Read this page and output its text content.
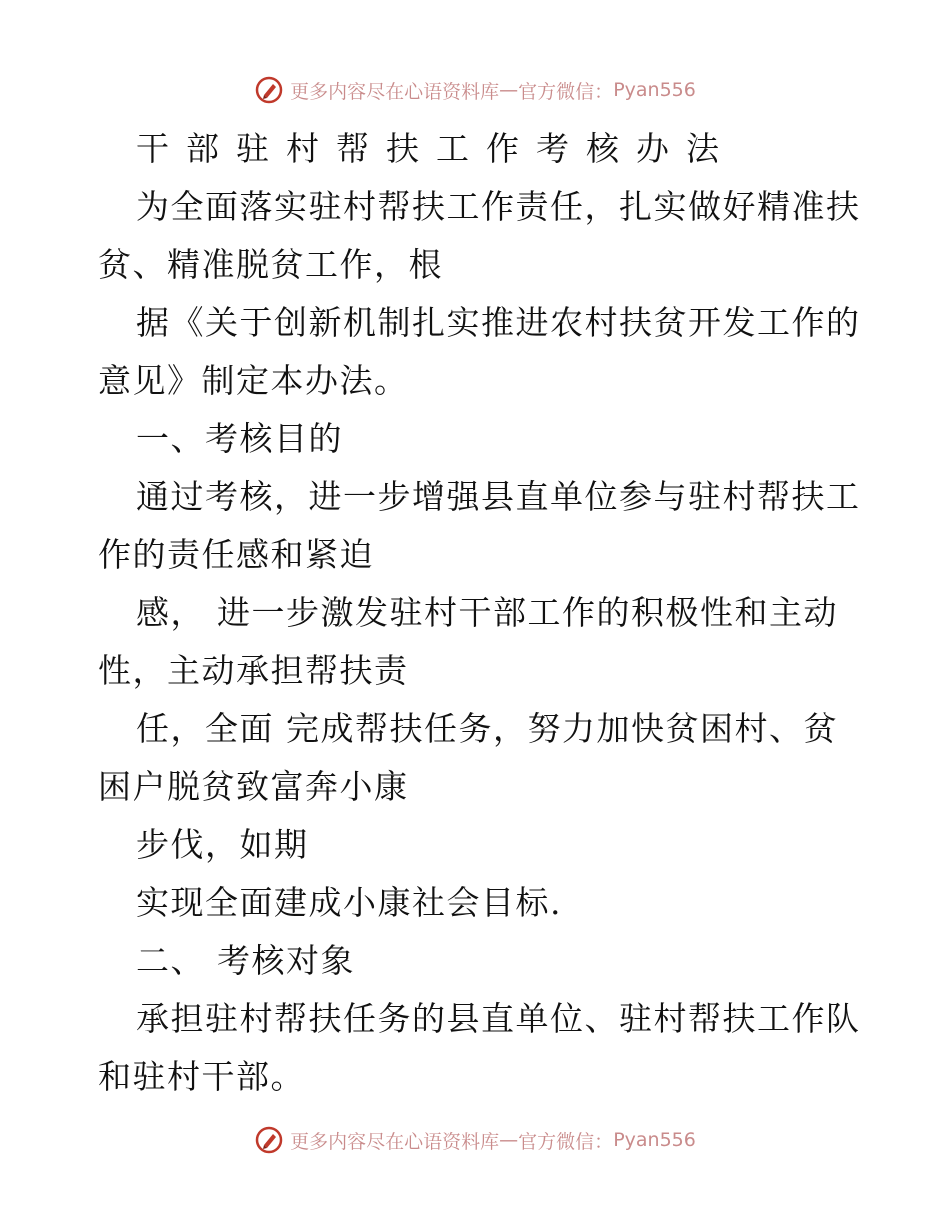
更多内容尽在心语资料库 — 官方微信： Pyan556
干部驻村帮扶工作考核办法
为全面落实驻村帮扶工作责任，扎实做好精准扶
贫、精准脱贫工作，根
据《关于创新机制扎实推进农村扶贫开发工作的
意见》制定本办法。
一、考核目的
通过考核，进一步增强县直单位参与驻村帮扶工
作的责任感和紧迫
感， 进一步激发驻村干部工作的积极性和主动
性，主动承担帮扶责
任，全面 完成帮扶任务，努力加快贫困村、贫
困户脱贫致富奔小康
步伐，如期
实现全面建成小康社会目标.
二、 考核对象
承担驻村帮扶任务的县直单位、驻村帮扶工作队
和驻村干部。
更多内容尽在心语资料库 — 官方微信： Pyan556
